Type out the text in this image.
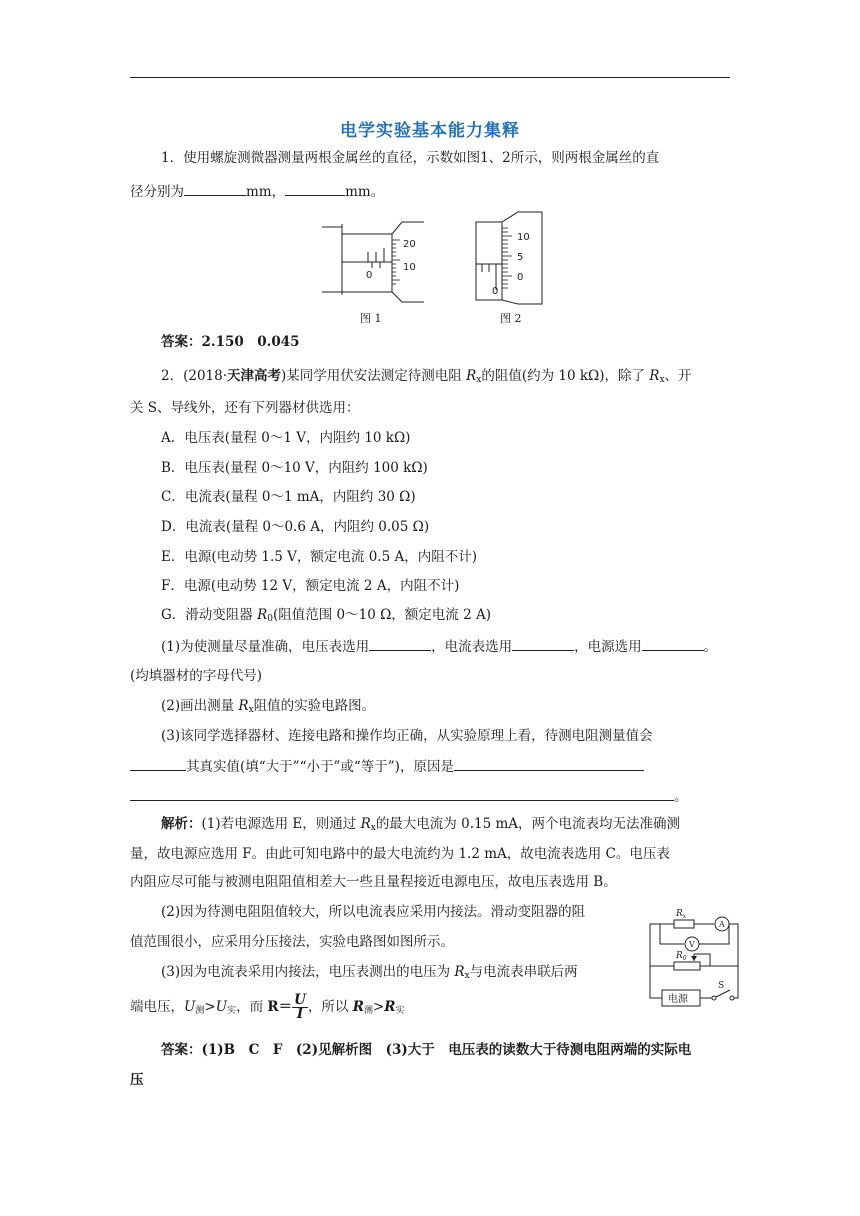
电学实验基本能力集释
1．使用螺旋测微器测量两根金属丝的直径，示数如图1、2所示，则两根金属丝的直
径分别为	mm，	mm。
20
10
0
10
5
0
0
图 1	图 2
答案：2.150　0.045
2．(2018·天津高考)某同学用伏安法测定待测电阻 $R_x$的阻值(约为 10 kΩ)，除了 $R_x$、开
关 S、导线外，还有下列器材供选用：
A．电压表(量程 0～1 V，内阻约 10 kΩ)
B．电压表(量程 0～10 V，内阻约 100 kΩ)
C．电流表(量程 0～1 mA，内阻约 30 Ω)
D．电流表(量程 0～0.6 A，内阻约 0.05 Ω)
E．电源(电动势 1.5 V，额定电流 0.5 A，内阻不计)
F．电源(电动势 12 V，额定电流 2 A，内阻不计)
G．滑动变阻器 $R_0$(阻值范围 0～10 Ω，额定电流 2 A)
(1)为使测量尽量准确，电压表选用	，电流表选用	，电源选用	。
(均填器材的字母代号)
(2)画出测量 $R_x$阻值的实验电路图。
(3)该同学选择器材、连接电路和操作均正确，从实验原理上看，待测电阻测量值会
其真实值(填“大于”“小于”或“等于”)，原因是
。
解析：(1)若电源选用 E，则通过 $R_x$的最大电流为 0.15 mA，两个电流表均无法准确测
量，故电源应选用 F。由此可知电路中的最大电流约为 1.2 mA，故电流表选用 C。电压表
内阻应尽可能与被测电阻阻值相差大一些且量程接近电源电压，故电压表选用 B。
(2)因为待测电阻阻值较大，所以电流表应采用内接法。滑动变阻器的阻
值范围很小，应采用分压接法，实验电路图如图所示。
(3)因为电流表采用内接法，电压表测出的电压为 $R_x$与电流表串联后两
端电压，$U_测>U_实$，而 $R= \frac{U}{I}$ ，所以 $R_测>R_实$
$R_x$
A
V
$R_0$
电源
S
答案：(1)B　C　F　(2)见解析图　(3)大于　电压表的读数大于待测电阻两端的实际电
压
